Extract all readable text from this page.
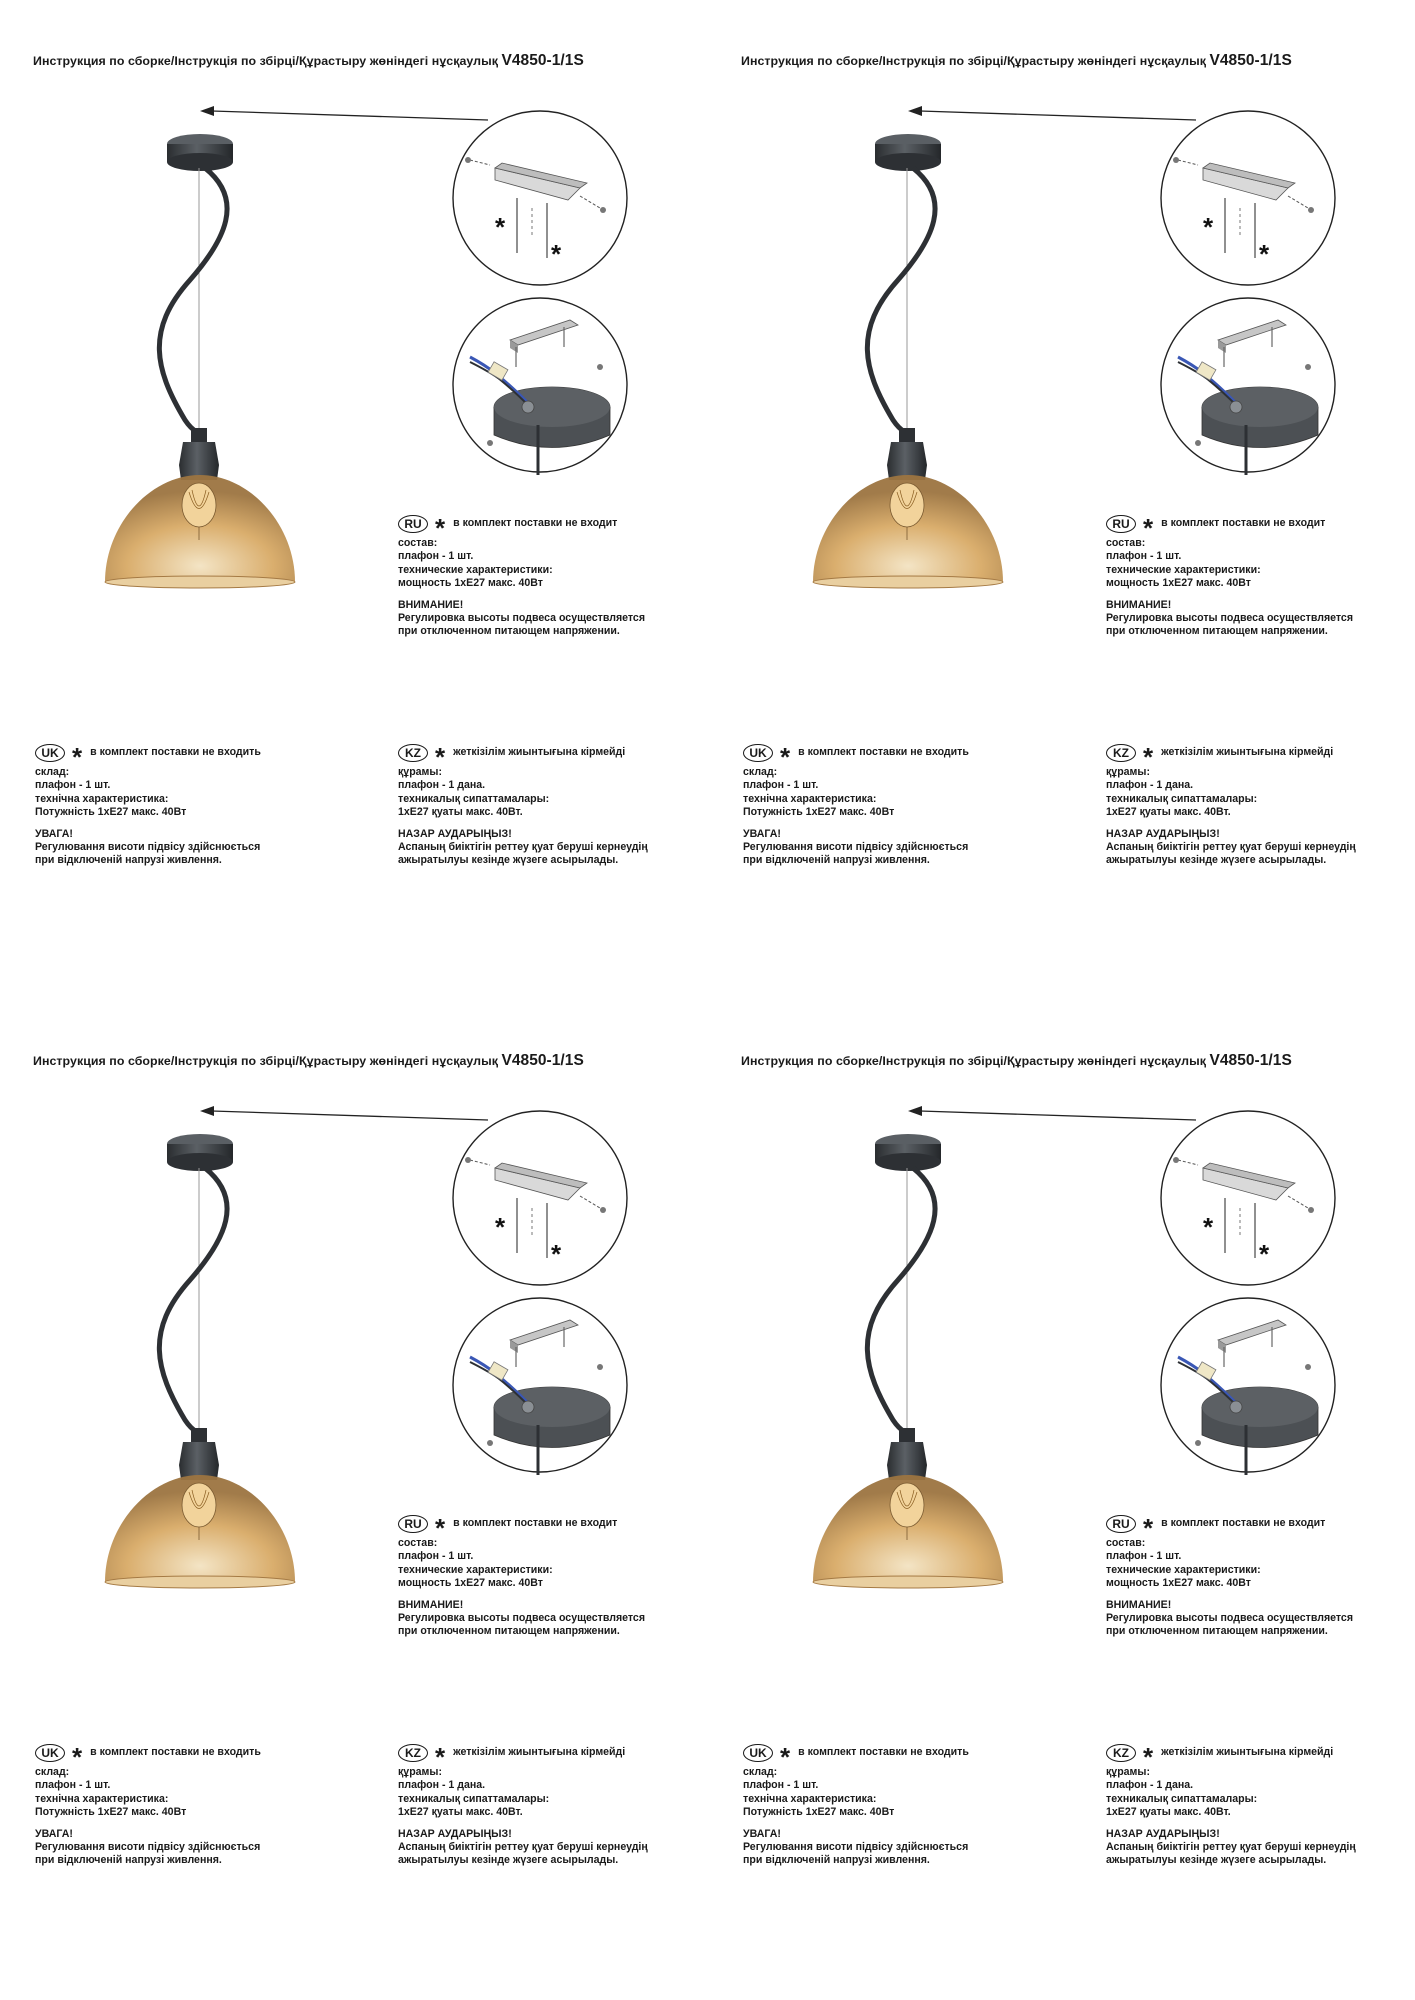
Инструкция по сборке/Інструкція по збірці/Құрастыру жөніндегі нұсқаулық V4850-1/1S
*
*
RU * в комплект поставки не входит
состав:
плафон - 1 шт.
технические характеристики:
мощность 1xE27 макс. 40Вт
ВНИМАНИЕ!
Регулировка высоты подвеса осуществляется
при отключенном питающем напряжении.
UK * в комплект поставки не входить
склад:
плафон - 1 шт.
технічна характеристика:
Потужність 1xE27 макс. 40Вт
УВАГА!
Регулювання висоти підвісу здійснюється
при відключеній напрузі живлення.
KZ * жеткізілім жиынтығына кірмейді
құрамы:
плафон - 1 дана.
техникалық сипаттамалары:
1xE27 қуаты макс. 40Вт.
НАЗАР АУДАРЫҢЫЗ!
Аспаның биіктігін реттеу қуат беруші кернеудің
ажыратылуы кезінде жүзеге асырылады.
Инструкция по сборке/Інструкція по збірці/Құрастыру жөніндегі нұсқаулық V4850-1/1S
*
*
RU * в комплект поставки не входит
состав:
плафон - 1 шт.
технические характеристики:
мощность 1xE27 макс. 40Вт
ВНИМАНИЕ!
Регулировка высоты подвеса осуществляется
при отключенном питающем напряжении.
UK * в комплект поставки не входить
склад:
плафон - 1 шт.
технічна характеристика:
Потужність 1xE27 макс. 40Вт
УВАГА!
Регулювання висоти підвісу здійснюється
при відключеній напрузі живлення.
KZ * жеткізілім жиынтығына кірмейді
құрамы:
плафон - 1 дана.
техникалық сипаттамалары:
1xE27 қуаты макс. 40Вт.
НАЗАР АУДАРЫҢЫЗ!
Аспаның биіктігін реттеу қуат беруші кернеудің
ажыратылуы кезінде жүзеге асырылады.
Инструкция по сборке/Інструкція по збірці/Құрастыру жөніндегі нұсқаулық V4850-1/1S
*
*
RU * в комплект поставки не входит
состав:
плафон - 1 шт.
технические характеристики:
мощность 1xE27 макс. 40Вт
ВНИМАНИЕ!
Регулировка высоты подвеса осуществляется
при отключенном питающем напряжении.
UK * в комплект поставки не входить
склад:
плафон - 1 шт.
технічна характеристика:
Потужність 1xE27 макс. 40Вт
УВАГА!
Регулювання висоти підвісу здійснюється
при відключеній напрузі живлення.
KZ * жеткізілім жиынтығына кірмейді
құрамы:
плафон - 1 дана.
техникалық сипаттамалары:
1xE27 қуаты макс. 40Вт.
НАЗАР АУДАРЫҢЫЗ!
Аспаның биіктігін реттеу қуат беруші кернеудің
ажыратылуы кезінде жүзеге асырылады.
Инструкция по сборке/Інструкція по збірці/Құрастыру жөніндегі нұсқаулық V4850-1/1S
*
*
RU * в комплект поставки не входит
состав:
плафон - 1 шт.
технические характеристики:
мощность 1xE27 макс. 40Вт
ВНИМАНИЕ!
Регулировка высоты подвеса осуществляется
при отключенном питающем напряжении.
UK * в комплект поставки не входить
склад:
плафон - 1 шт.
технічна характеристика:
Потужність 1xE27 макс. 40Вт
УВАГА!
Регулювання висоти підвісу здійснюється
при відключеній напрузі живлення.
KZ * жеткізілім жиынтығына кірмейді
құрамы:
плафон - 1 дана.
техникалық сипаттамалары:
1xE27 қуаты макс. 40Вт.
НАЗАР АУДАРЫҢЫЗ!
Аспаның биіктігін реттеу қуат беруші кернеудің
ажыратылуы кезінде жүзеге асырылады.
